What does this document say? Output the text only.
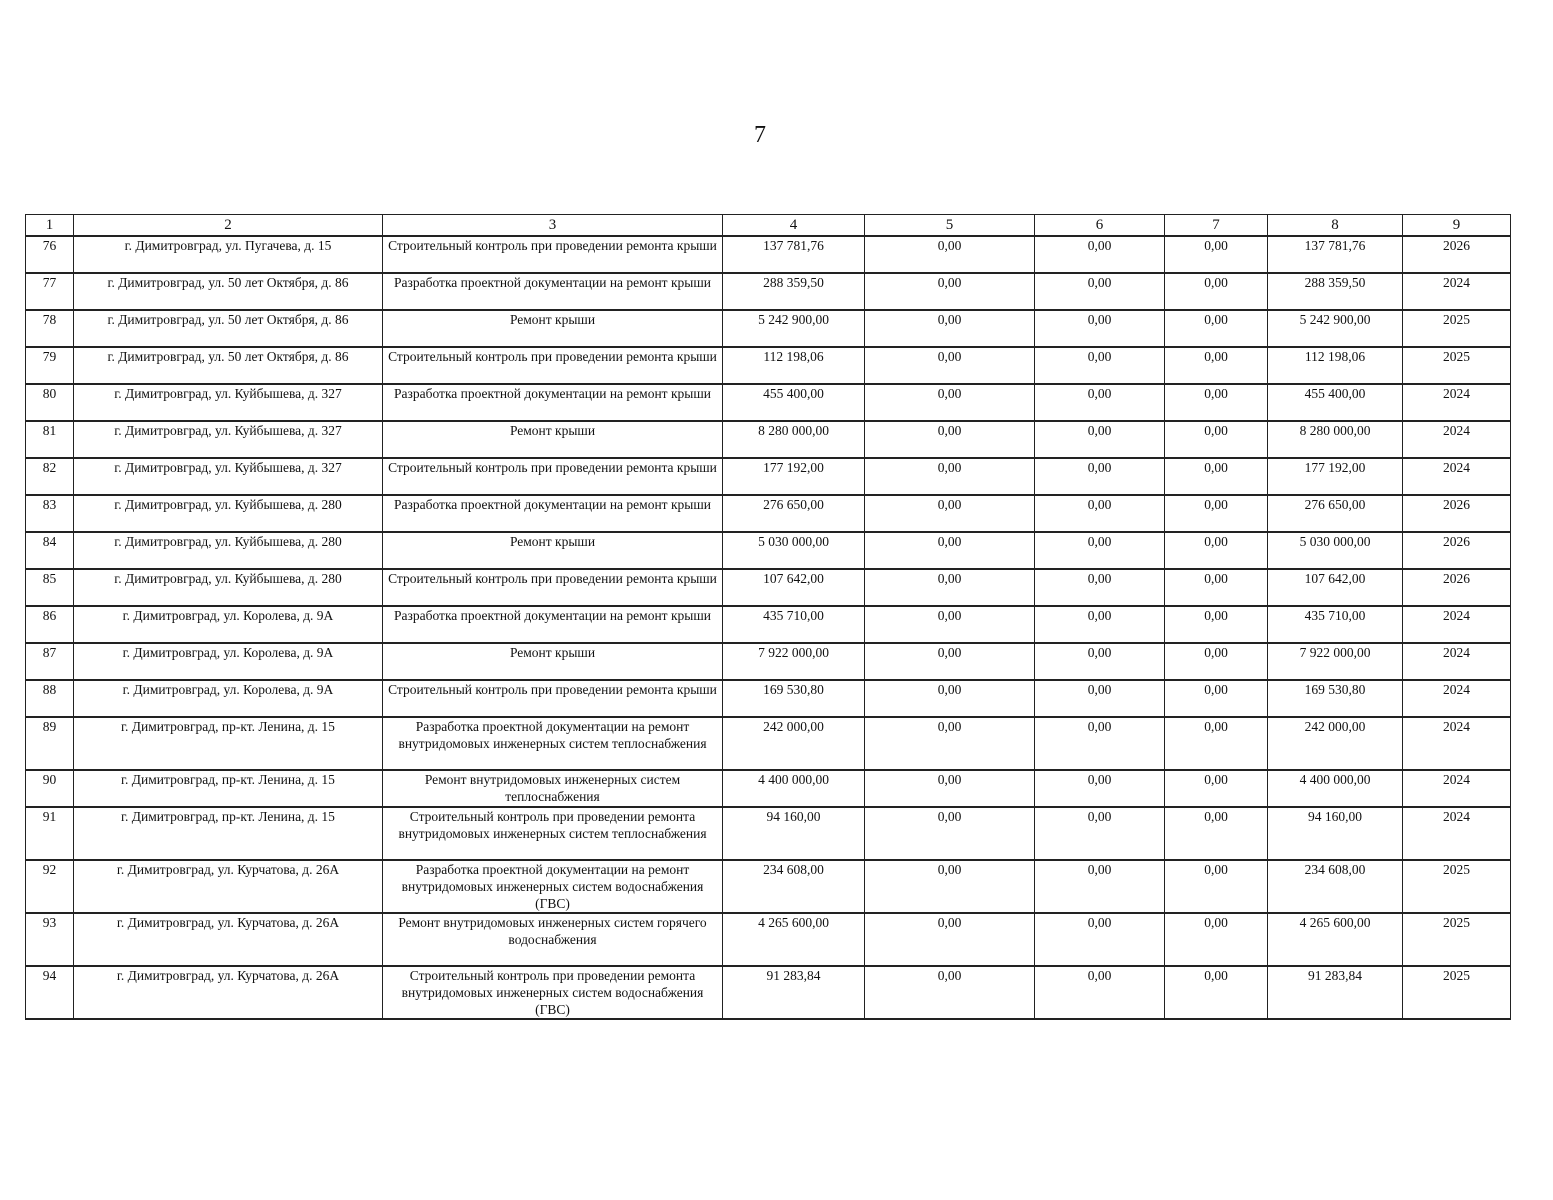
7
1	2	3	4	5	6	7	8	9
76	г. Димитровград, ул. Пугачева, д. 15	Строительный контроль при проведении ремонта крыши	137 781,76	0,00	0,00	0,00	137 781,76	2026
77	г. Димитровград, ул. 50 лет Октября, д. 86	Разработка проектной документации на ремонт крыши	288 359,50	0,00	0,00	0,00	288 359,50	2024
78	г. Димитровград, ул. 50 лет Октября, д. 86	Ремонт крыши	5 242 900,00	0,00	0,00	0,00	5 242 900,00	2025
79	г. Димитровград, ул. 50 лет Октября, д. 86	Строительный контроль при проведении ремонта крыши	112 198,06	0,00	0,00	0,00	112 198,06	2025
80	г. Димитровград, ул. Куйбышева, д. 327	Разработка проектной документации на ремонт крыши	455 400,00	0,00	0,00	0,00	455 400,00	2024
81	г. Димитровград, ул. Куйбышева, д. 327	Ремонт крыши	8 280 000,00	0,00	0,00	0,00	8 280 000,00	2024
82	г. Димитровград, ул. Куйбышева, д. 327	Строительный контроль при проведении ремонта крыши	177 192,00	0,00	0,00	0,00	177 192,00	2024
83	г. Димитровград, ул. Куйбышева, д. 280	Разработка проектной документации на ремонт крыши	276 650,00	0,00	0,00	0,00	276 650,00	2026
84	г. Димитровград, ул. Куйбышева, д. 280	Ремонт крыши	5 030 000,00	0,00	0,00	0,00	5 030 000,00	2026
85	г. Димитровград, ул. Куйбышева, д. 280	Строительный контроль при проведении ремонта крыши	107 642,00	0,00	0,00	0,00	107 642,00	2026
86	г. Димитровград, ул. Королева, д. 9А	Разработка проектной документации на ремонт крыши	435 710,00	0,00	0,00	0,00	435 710,00	2024
87	г. Димитровград, ул. Королева, д. 9А	Ремонт крыши	7 922 000,00	0,00	0,00	0,00	7 922 000,00	2024
88	г. Димитровград, ул. Королева, д. 9А	Строительный контроль при проведении ремонта крыши	169 530,80	0,00	0,00	0,00	169 530,80	2024
89	г. Димитровград, пр-кт. Ленина, д. 15	Разработка проектной документации на ремонт внутридомовых инженерных систем теплоснабжения	242 000,00	0,00	0,00	0,00	242 000,00	2024
90	г. Димитровград, пр-кт. Ленина, д. 15	Ремонт внутридомовых инженерных систем теплоснабжения	4 400 000,00	0,00	0,00	0,00	4 400 000,00	2024
91	г. Димитровград, пр-кт. Ленина, д. 15	Строительный контроль при проведении ремонта внутридомовых инженерных систем теплоснабжения	94 160,00	0,00	0,00	0,00	94 160,00	2024
92	г. Димитровград, ул. Курчатова, д. 26А	Разработка проектной документации на ремонт внутридомовых инженерных систем водоснабжения (ГВС)	234 608,00	0,00	0,00	0,00	234 608,00	2025
93	г. Димитровград, ул. Курчатова, д. 26А	Ремонт внутридомовых инженерных систем горячего водоснабжения	4 265 600,00	0,00	0,00	0,00	4 265 600,00	2025
94	г. Димитровград, ул. Курчатова, д. 26А	Строительный контроль при проведении ремонта внутридомовых инженерных систем водоснабжения (ГВС)	91 283,84	0,00	0,00	0,00	91 283,84	2025
